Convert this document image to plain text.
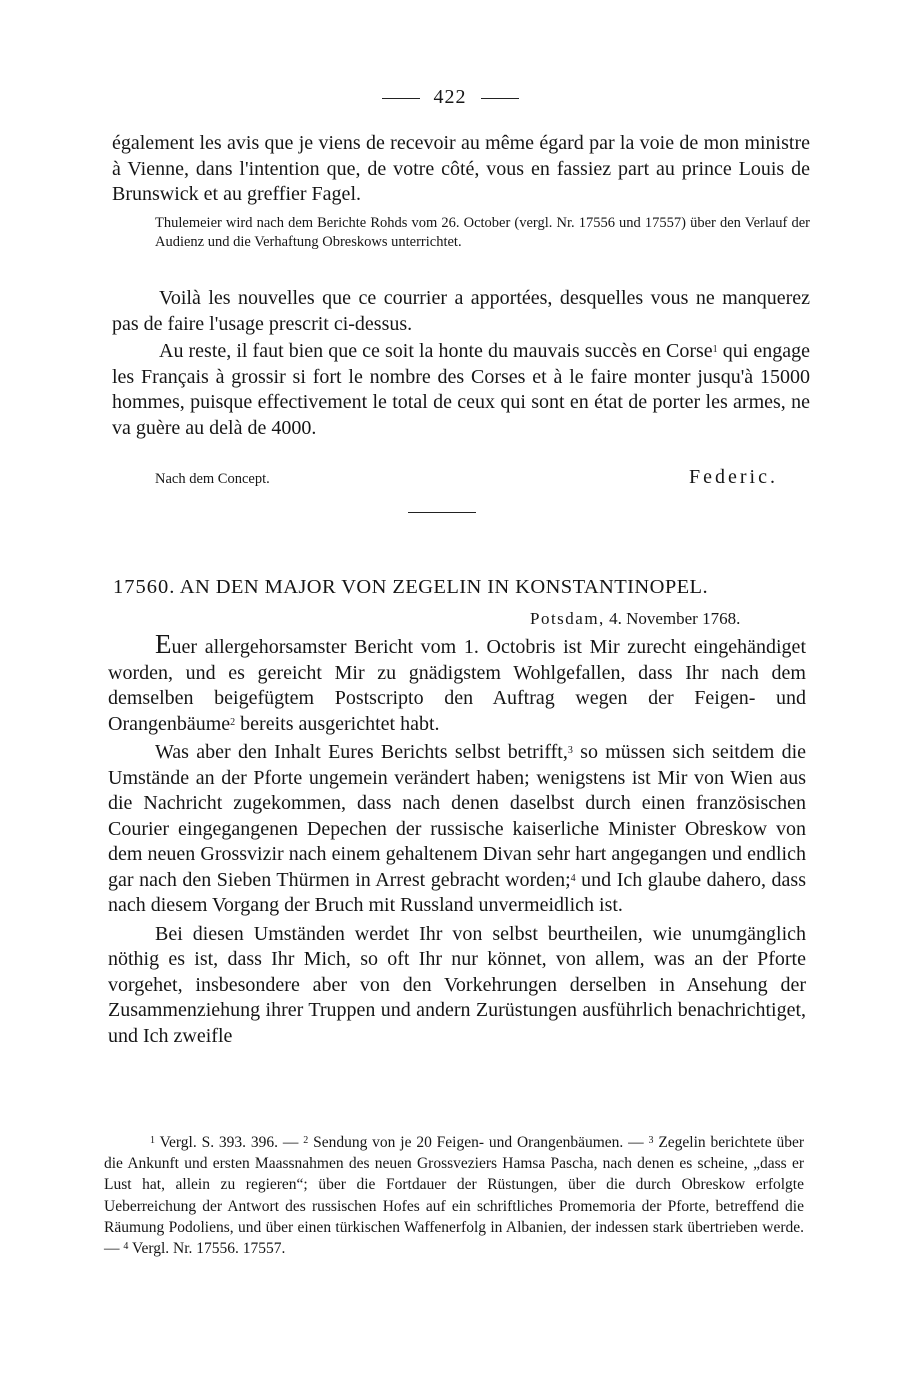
422

également les avis que je viens de recevoir au même égard par la voie de mon ministre à Vienne, dans l'intention que, de votre côté, vous en fassiez part au prince Louis de Brunswick et au greffier Fagel.

Thulemeier wird nach dem Berichte Rohds vom 26. October (vergl. Nr. 17556 und 17557) über den Verlauf der Audienz und die Verhaftung Obreskows unterrichtet.

Voilà les nouvelles que ce courrier a apportées, desquelles vous ne manquerez pas de faire l'usage prescrit ci-dessus.

Au reste, il faut bien que ce soit la honte du mauvais succès en Corse$^1$ qui engage les Français à grossir si fort le nombre des Corses et à le faire monter jusqu'à 15000 hommes, puisque effectivement le total de ceux qui sont en état de porter les armes, ne va guère au delà de 4000.

Nach dem Concept.	Federic.
17560. AN DEN MAJOR VON ZEGELIN IN KONSTANTINOPEL.
Potsdam, 4. November 1768.

Euer allergehorsamster Bericht vom 1. Octobris ist Mir zurecht eingehändiget worden, und es gereicht Mir zu gnädigstem Wohlgefallen, dass Ihr nach dem demselben beigefügtem Postscripto den Auftrag wegen der Feigen- und Orangenbäume$^2$ bereits ausgerichtet habt.

Was aber den Inhalt Eures Berichts selbst betrifft,$^3$ so müssen sich seitdem die Umstände an der Pforte ungemein verändert haben; wenigstens ist Mir von Wien aus die Nachricht zugekommen, dass nach denen daselbst durch einen französischen Courier eingegangenen Depechen der russische kaiserliche Minister Obreskow von dem neuen Grossvizir nach einem gehaltenem Divan sehr hart angegangen und endlich gar nach den Sieben Thürmen in Arrest gebracht worden;$^4$ und Ich glaube dahero, dass nach diesem Vorgang der Bruch mit Russland unvermeidlich ist.

Bei diesen Umständen werdet Ihr von selbst beurtheilen, wie unumgänglich nöthig es ist, dass Ihr Mich, so oft Ihr nur könnet, von allem, was an der Pforte vorgehet, insbesondere aber von den Vorkehrungen derselben in Ansehung der Zusammenziehung ihrer Truppen und andern Zurüstungen ausführlich benachrichtiget, und Ich zweifle

$^1$ Vergl. S. 393. 396. — $^2$ Sendung von je 20 Feigen- und Orangenbäumen. — $^3$ Zegelin berichtete über die Ankunft und ersten Maassnahmen des neuen Grossveziers Hamsa Pascha, nach denen es scheine, „dass er Lust hat, allein zu regieren“; über die Fortdauer der Rüstungen, über die durch Obreskow erfolgte Ueberreichung der Antwort des russischen Hofes auf ein schriftliches Promemoria der Pforte, betreffend die Räumung Podoliens, und über einen türkischen Waffenerfolg in Albanien, der indessen stark übertrieben werde. — $^4$ Vergl. Nr. 17556. 17557.
